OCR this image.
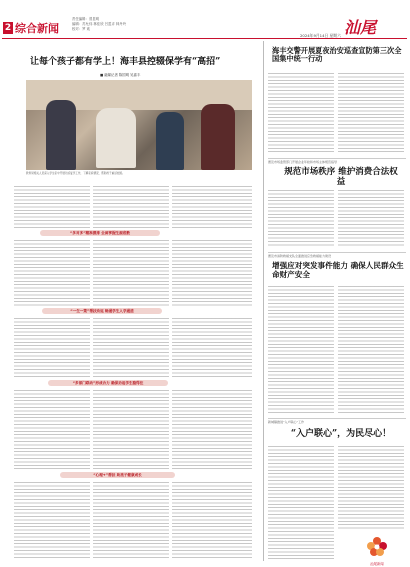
2 综合新闻
责任编辑：曾显明
编辑：苏允伟 林佳欣 吕盈卉 林丹玲
校对：罗 欢	汕尾
2024年9月14日 星期六
让每个孩子都有学上！海丰县控辍保学有“高招”
■ 融媒记者 陈国明 吴嘉丰
教育局相关人员深入学生家中开展劝返复学工作，了解家庭情况，帮助孩子重返校园。
“多对多”精准摸排 全面掌握生源底数
“一生一策”帮扶劝返 畅通学生入学通道
“多部门联动”形成合力 确保劝返学生稳得住
“心理+”帮扶 助孩子健康成长
海丰交警开展夏夜治安巡查宣防第三次全国集中统一行动
惠及市场监管部门开展企业年检和市场主体规范指导
规范市场秩序 维护消费合法权益
惠及市消防救援支队全面推进应急救援能力建设
增强应对突发事件能力 确保人民群众生命财产安全
新城镇推进“入户联心”工作
“入户联心”，为民尽心！
汕尾新闻
